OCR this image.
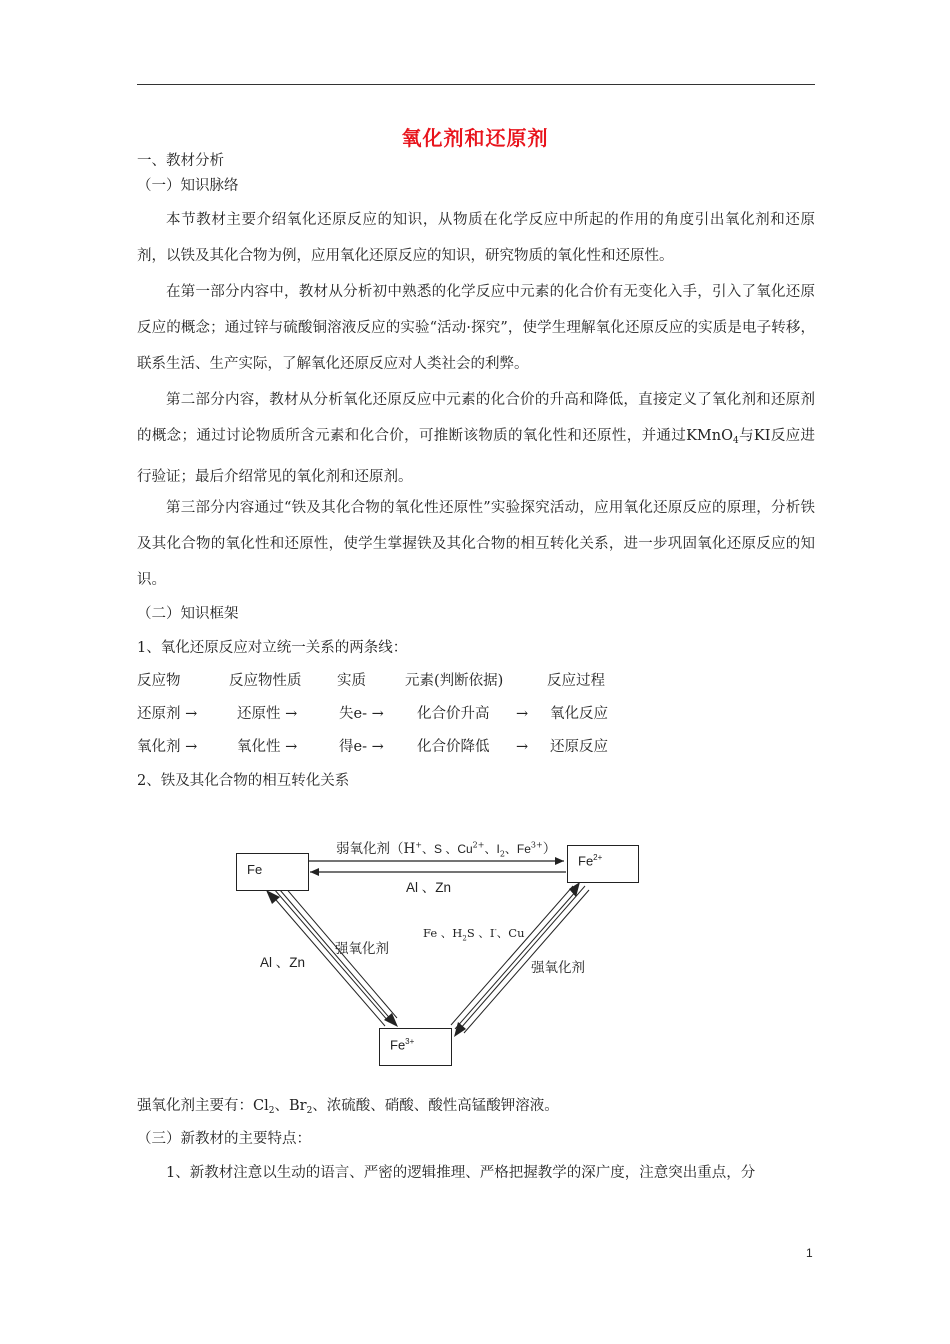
氧化剂和还原剂
一、教材分析
（一）知识脉络
本节教材主要介绍氧化还原反应的知识，从物质在化学反应中所起的作用的角度引出氧化剂和还原剂，以铁及其化合物为例，应用氧化还原反应的知识，研究物质的氧化性和还原性。
在第一部分内容中，教材从分析初中熟悉的化学反应中元素的化合价有无变化入手，引入了氧化还原反应的概念；通过锌与硫酸铜溶液反应的实验“活动·探究”，使学生理解氧化还原反应的实质是电子转移，联系生活、生产实际，了解氧化还原反应对人类社会的利弊。
第二部分内容，教材从分析氧化还原反应中元素的化合价的升高和降低，直接定义了氧化剂和还原剂的概念；通过讨论物质所含元素和化合价，可推断该物质的氧化性和还原性，并通过KMnO$_4$与KI反应进行验证；最后介绍常见的氧化剂和还原剂。
第三部分内容通过“铁及其化合物的氧化性还原性”实验探究活动，应用氧化还原反应的原理，分析铁及其化合物的氧化性和还原性，使学生掌握铁及其化合物的相互转化关系，进一步巩固氧化还原反应的知识。
（二）知识框架
1、氧化还原反应对立统一关系的两条线：
反应物	反应物性质 实质	元素(判断依据)	反应过程
还原剂 →	还原性 →	失e- → 化合价升高 → 氧化反应
氧化剂 →	氧化性 →	得e- → 化合价降低 → 还原反应
2、铁及其化合物的相互转化关系
Fe
$Fe^{2+}$
$Fe^{3+}$
弱氧化剂（H+、S 、$Cu^{2+}$、$I_2$、$Fe^{3+}$）
Al 、Zn
Al 、Zn
强氧化剂
强氧化剂
Fe 、$H_2S$ 、I-、Cu
强氧化剂主要有：$Cl_2$、$Br_2$、浓硫酸、硝酸、酸性高锰酸钾溶液。
（三）新教材的主要特点：
1、新教材注意以生动的语言、严密的逻辑推理、严格把握教学的深广度，注意突出重点，分
1
